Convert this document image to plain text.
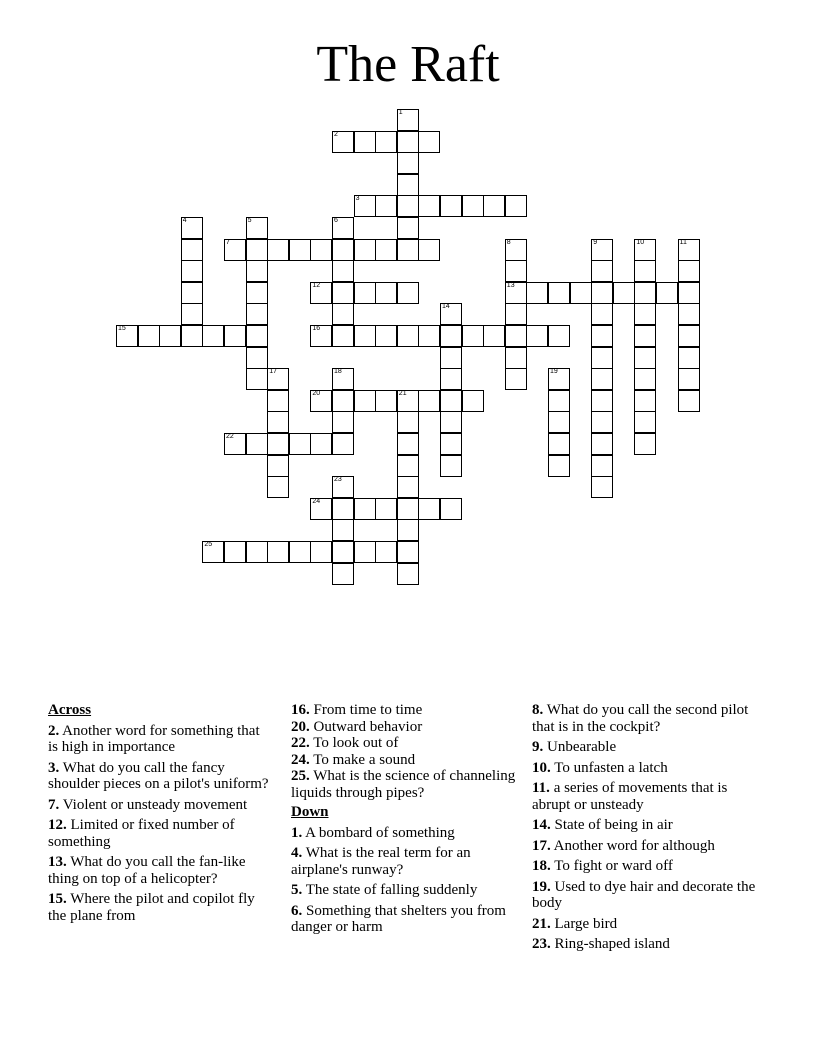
The Raft
1
2
3
4	5	6
7	8
13
9	10	11
12
14
15	16
17	18	19
20	21
22
23
24
25
Across
2. Another word for something that is high in importance
3. What do you call the fancy shoulder pieces on a pilot's uniform?
7. Violent or unsteady movement
12. Limited or fixed number of something
13. What do you call the fan-like thing on top of a helicopter?
15. Where the pilot and copilot fly the plane from
16. From time to time
20. Outward behavior
22. To look out of
24. To make a sound
25. What is the science of channeling liquids through pipes?
Down
1. A bombard of something
4. What is the real term for an airplane's runway?
5. The state of falling suddenly
6. Something that shelters you from danger or harm
8. What do you call the second pilot that is in the cockpit?
9. Unbearable
10. To unfasten a latch
11. a series of movements that is abrupt or unsteady
14. State of being in air
17. Another word for although
18. To fight or ward off
19. Used to dye hair and decorate the body
21. Large bird
23. Ring-shaped island
